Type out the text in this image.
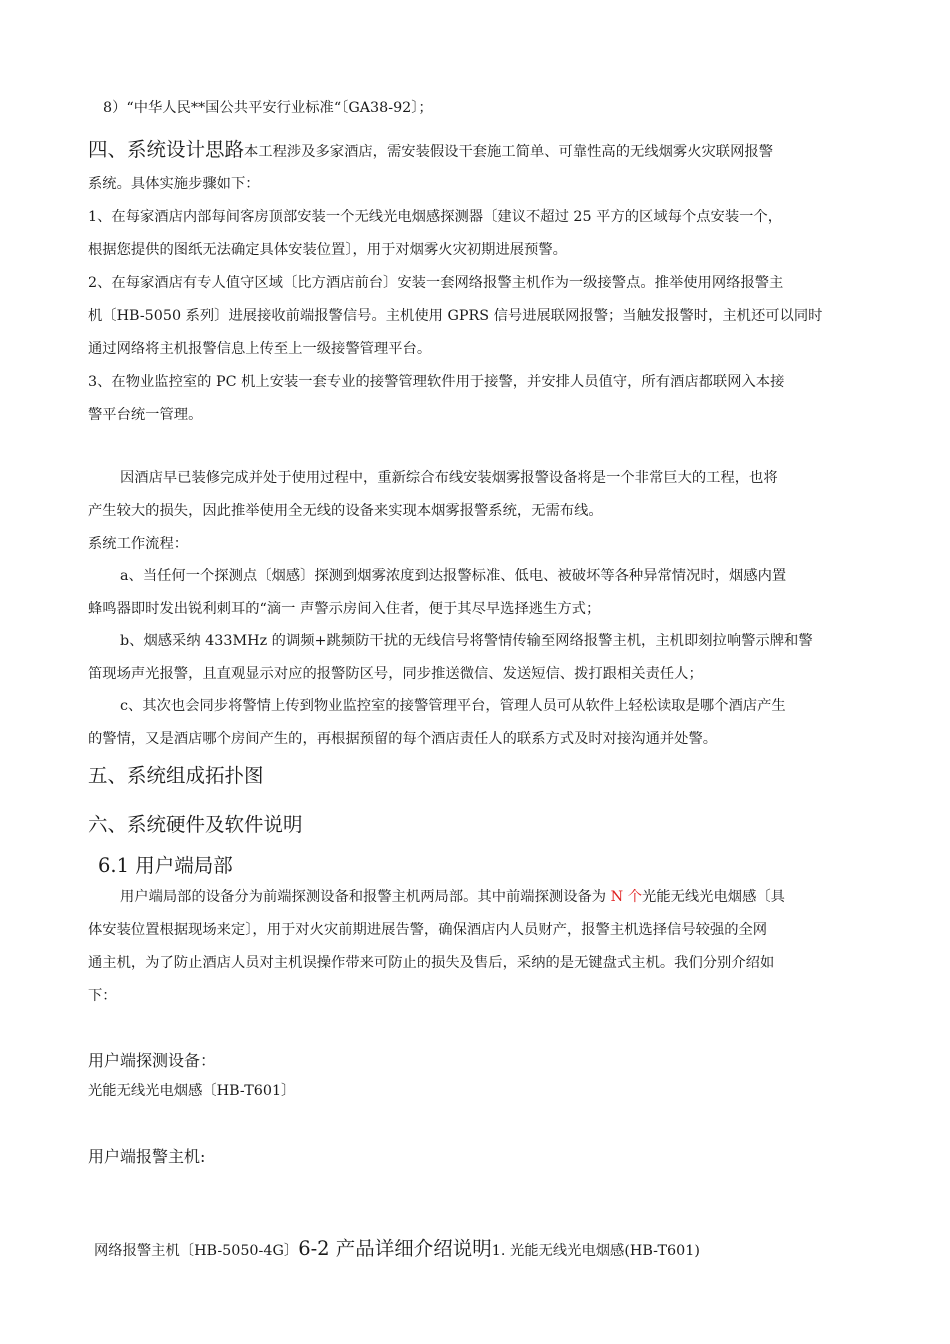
8）“中华人民**国公共平安行业标准“〔GA38-92〕；
四、系统设计思路本工程涉及多家酒店，需安装假设干套施工简单、可靠性高的无线烟雾火灾联网报警
系统。具体实施步骤如下：
1、在每家酒店内部每间客房顶部安装一个无线光电烟感探测器〔建议不超过 25 平方的区域每个点安装一个，
根据您提供的图纸无法确定具体安装位置〕，用于对烟雾火灾初期进展预警。
2、在每家酒店有专人值守区域〔比方酒店前台〕安装一套网络报警主机作为一级接警点。推举使用网络报警主
机〔HB-5050 系列〕进展接收前端报警信号。主机使用 GPRS 信号进展联网报警；当触发报警时，主机还可以同时
通过网络将主机报警信息上传至上一级接警管理平台。
3、在物业监控室的 PC 机上安装一套专业的接警管理软件用于接警，并安排人员值守，所有酒店都联网入本接
警平台统一管理。
因酒店早已装修完成并处于使用过程中，重新综合布线安装烟雾报警设备将是一个非常巨大的工程，也将
产生较大的损失，因此推举使用全无线的设备来实现本烟雾报警系统，无需布线。
系统工作流程：
a、当任何一个探测点〔烟感〕探测到烟雾浓度到达报警标准、低电、被破坏等各种异常情况时，烟感内置
蜂鸣器即时发出锐利刺耳的“滴一 声警示房间入住者，便于其尽早选择逃生方式；
b、烟感采纳 433MHz 的调频+跳频防干扰的无线信号将警情传输至网络报警主机，主机即刻拉响警示牌和警
笛现场声光报警，且直观显示对应的报警防区号，同步推送微信、发送短信、拨打跟相关责任人；
c、其次也会同步将警情上传到物业监控室的接警管理平台，管理人员可从软件上轻松读取是哪个酒店产生
的警情，又是酒店哪个房间产生的，再根据预留的每个酒店责任人的联系方式及时对接沟通并处警。
五、系统组成拓扑图
六、系统硬件及软件说明
6.1 用户端局部
用户端局部的设备分为前端探测设备和报警主机两局部。其中前端探测设备为 N 个光能无线光电烟感〔具
体安装位置根据现场来定〕，用于对火灾前期进展告警，确保酒店内人员财产，报警主机选择信号较强的全网
通主机，为了防止酒店人员对主机误操作带来可防止的损失及售后，采纳的是无键盘式主机。我们分别介绍如
下：
用户端探测设备：
光能无线光电烟感〔HB-T601〕
用户端报警主机:
网络报警主机〔HB-5050-4G〕6-2 产品详细介绍说明1. 光能无线光电烟感(HB-T601)
